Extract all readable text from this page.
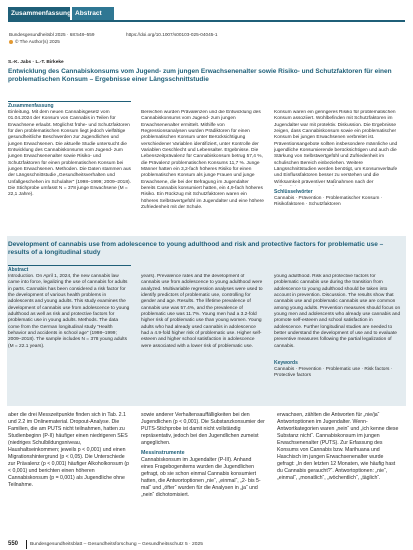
Zusammenfassung Abstract
Bundesgesundheitsbl 2025 · 68:548–559	https://doi.org/10.1007/s00103-025-04045-1
© The Author(s) 2025
S.-K. Jabs · L.-T. Birkeke
Entwicklung des Cannabiskonsums vom Jugend- zum jungen Erwachsenenalter sowie Risiko- und Schutzfaktoren für einen problematischen Konsum – Ergebnisse einer Längsschnittstudie
Zusammenfassung

Einleitung. Mit dem neuen Cannabisgesetz vom 01.04.2024 der Konsum von Cannabis in Teilen für Erwachsene erlaubt. Möglichst frühe- und Schutzfaktoren für den problematischen Konsum liegt jedoch vielfältige gesundheitliche Beschwerden zur Jugendlichen und jungen Erwachsenen. Die aktuelle Studie untersucht die Entwicklung des Cannabiskonsums vom Jugend- zum jungen Erwachsenenalter sowie Risiko- und Schutzfaktoren für einen problematischen Konsum bei jungen Erwachsenen. Methoden. Die Daten stammen aus der Längsschnittstudie „Gesundheitsverhalten und Unfallgeschehen im Schulalter“ (1998–1999; 2009–2018). Die Stichprobe umfasst N = 378 junge Erwachsene (M = 22,1 Jahre).

Bereichen wurden Prävalenzen und die Entwicklung des Cannabiskonsums vom Jugend- zum jungen Erwachsenenalter ermittelt. Mithilfe von Regressionsanalysen wurden Prädiktoren für einen problematischen Konsum unter Berücksichtigung verschiedener Variablen identifiziert, unter Kontrolle der Variablen Geschlecht und Lebensalter. Ergebnisse. Die Lebenszeitprävalenz für Cannabiskonsum betrug 57,4 %, die Prävalenz problematischen Konsums 11,7 %. Junge Männer hatten ein 3,2-fach höheres Risiko für einen problematischen Konsum als junge Frauen und junge Erwachsene, die bei der Befragung im Jugendalter bereits Cannabis konsumiert hatten, ein 4,9-fach höheres Risiko. Ein Rückzug mit Schutzfaktoren waren ein höheres Selbstwertgefühl im Jugendalter und eine höhere Zufriedenheit mit der Schule.

Konsum waren ein geringeres Risiko für problematischen Konsum assoziiert. Wohlbefinden mit Schutzfaktoren im Jugendalter war mit protektiv. Diskussion. Die Ergebnisse zeigen, dass Cannabiskonsum sowie ein problematischer Konsum bei jungen Erwachsenen verbreitet ist. Präventionsangebote sollten insbesondere männliche und jugendliche Konsumierende berücksichtigen und auch die Stärkung von Selbstwertgefühl und Zufriedenheit im schulischen Bereich einbeziehen. Weitere Längsschnittstudien werden benötigt, um Konsumverläufe und Einflussfaktoren besser zu verstehen und die Wirksamkeit präventiver Maßnahmen nach der

Schlüsselwörter

Cannabis · Prävention · Problematischer Konsum · Risikofaktoren · Schutzfaktoren

Development of cannabis use from adolescence to young adulthood and risk and protective factors for problematic use – results of a longitudinal study
Abstract

Introduction. On April 1, 2024, the new cannabis law came into force, legalizing the use of cannabis for adults in parts. Cannabis has been considered a risk factor for the development of various health problems in adolescents and young adults. This study examines the development of cannabis use from adolescence to young adulthood as well as risk and protective factors for problematic use in young adults. Methods. The data come from the German longitudinal study “Health behavior and accidents in school age” (1998–1999; 2009–2018). The sample includes N = 378 young adults (M = 22.1 years).

years). Prevalence rates and the development of cannabis use from adolescence to young adulthood were analyzed. Multivariable regression analyses were used to identify predictors of problematic use, controlling for gender and age. Results. The lifetime prevalence of cannabis use was 57.4%, and the prevalence of problematic use was 11.7%. Young men had a 3.2-fold higher risk of problematic use than young women. Young adults who had already used cannabis in adolescence had a 4.9-fold higher risk of problematic use. Higher self-esteem and higher school satisfaction in adolescence were associated with a lower risk of problematic use.

young adulthood. Risk and protective factors for problematic cannabis use during the transition from adolescence to young adulthood should be taken into account in prevention. Discussion. The results show that cannabis use and problematic cannabis use are common among young adults. Prevention measures should focus on young men and adolescents who already use cannabis and promote self-esteem and school satisfaction in adolescence. Further longitudinal studies are needed to better understand the development of use and to evaluate preventive measures following the partial legalization of cannabis.

Keywords

Cannabis · Prevention · Problematic use · Risk factors · Protective factors

aber die drei Messzeitpunkte finden sich in Tab. 2.1 und 2.2 im Onlinematerial. Dropout-Analyse. Die Familien, die am PUTS nicht teilnahmen, hatten zu Studienbeginn (P-II) häufiger einen niedrigeren SES (niedriges Schulbildungsniveau, Haushaltseinkommen; jeweils p < 0,001) und einen Migrationshintergrund (p < 0,05). Die Unterschiede zur Prävalenz (p < 0,001) häufiger Alkoholkonsum (p < 0,001) und berichten einen höheren Cannabiskonsum (p = 0,001) als Jugendliche ohne Teilnahme.

sowie anderer Verhaltensauffälligkeiten bei den Jugendlichen (p < 0,001). Die Substanzkonsumier der PUTS-Stichprobe ist damit nicht vollständig repräsentativ, jedoch bei den Jugendlichen zumeist angeglichen.

Messinstrumente

Cannabiskonsum im Jugendalter (P-III). Anhand eines Fragebogenitems wurden die Jugendlichen gefragt, ob sie schon einmal Cannabis konsumiert hatten, die Antwortoptionen „nie“, „einmal“, „2- bis 5-mal“ und „öfter“ wurden für die Analysen in „ja“ und „nein“ dichotomisiert.

erwachsen, zählten die Antworten für „nie/ja“ Antwortoptionen im Jugendalter. Wenn-Antwortkategorien waren „nein“ und „ich kenne diese Substanz nicht“. Cannabiskonsum im jungen Erwachsenenalter (PUTS). Zur Erfassung des Konsums von Cannabis bzw. Marihuana und Haschisch im jungen Erwachsenenalter wurde gefragt: „In den letzten 12 Monaten, wie häufig hast du Cannabis geraucht?“. Antwortoptionen: „nie“, „einmal“, „monatlich“, „wöchentlich“, „täglich“.

550 Bundesgesundheitsblatt – Gesundheitsforschung – Gesundheitsschutz 5 · 2025
